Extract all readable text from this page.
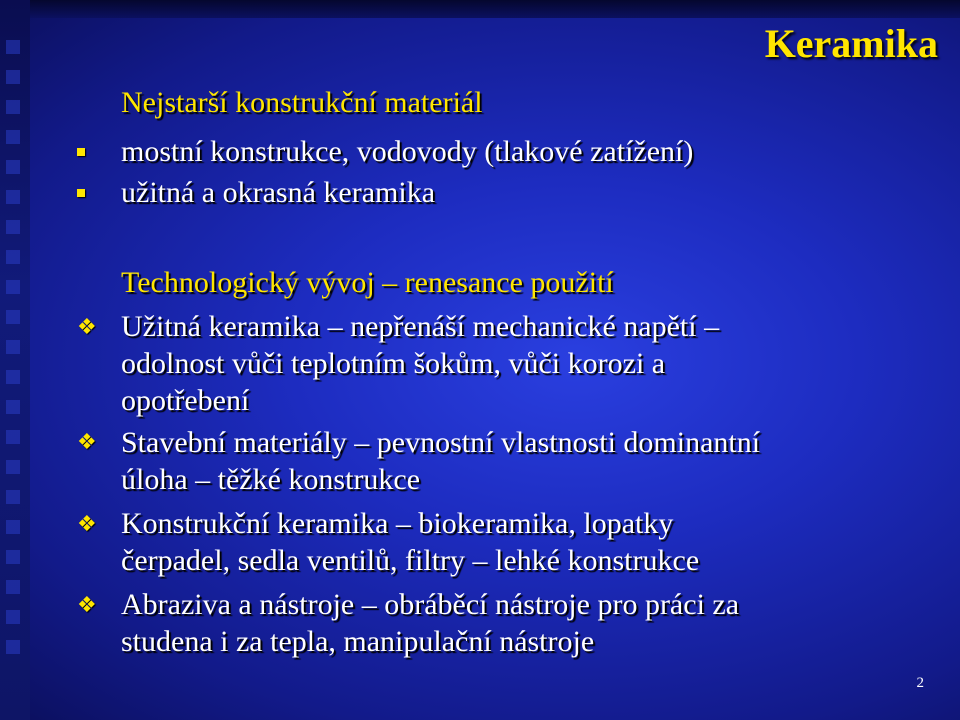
Keramika
Nejstarší konstrukční materiál
mostní konstrukce, vodovody (tlakové zatížení)
užitná a okrasná keramika
Technologický vývoj – renesance použití
❖ Užitná keramika – nepřenáší mechanické napětí –
odolnost vůči teplotním šokům, vůči korozi a
opotřebení
❖ Stavební materiály – pevnostní vlastnosti dominantní
úloha – těžké konstrukce
❖ Konstrukční keramika – biokeramika, lopatky
čerpadel, sedla ventilů, filtry – lehké konstrukce
❖ Abraziva a nástroje – obráběcí nástroje pro práci za
studena i za tepla, manipulační nástroje
2
